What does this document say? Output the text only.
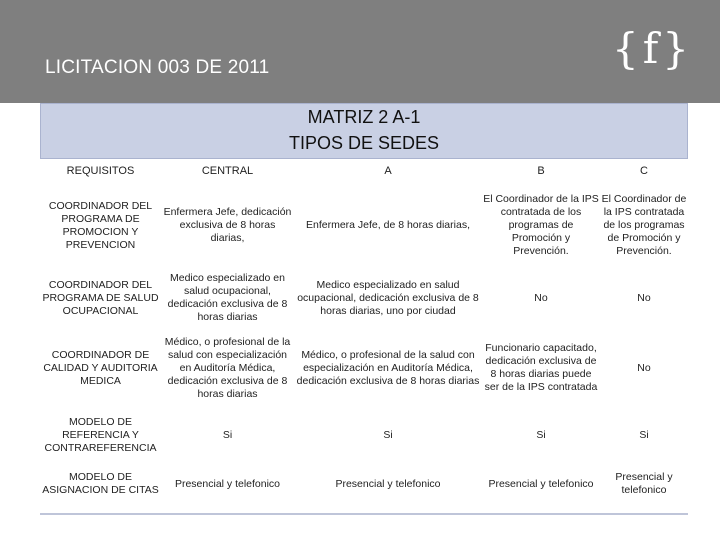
LICITACION 003 DE 2011	{f}
MATRIZ 2 A-1
TIPOS DE SEDES
REQUISITOS	CENTRAL	A	B	C
COORDINADOR DEL PROGRAMA DE PROMOCION Y PREVENCION	Enfermera Jefe, dedicación exclusiva de 8 horas diarias,	Enfermera Jefe, de 8 horas diarias,	El Coordinador de la IPS contratada de los programas de Promoción y Prevención.	El Coordinador de la IPS contratada de los programas de Promoción y Prevención.
COORDINADOR DEL PROGRAMA DE SALUD OCUPACIONAL	Medico especializado en salud ocupacional, dedicación exclusiva de 8 horas diarias	Medico especializado en salud ocupacional, dedicación exclusiva de 8 horas diarias, uno por ciudad	No	No
COORDINADOR DE CALIDAD Y AUDITORIA MEDICA	Médico, o profesional de la salud con especialización en Auditoría Médica, dedicación exclusiva de 8 horas diarias	Médico, o profesional de la salud con especialización en Auditoría Médica, dedicación exclusiva de 8 horas diarias	Funcionario capacitado, dedicación exclusiva de 8 horas diarias puede ser de la IPS contratada	No
MODELO DE REFERENCIA Y CONTRAREFERENCIA	Si	Si	Si	Si
MODELO DE ASIGNACION DE CITAS	Presencial y telefonico	Presencial y telefonico	Presencial y telefonico	Presencial y telefonico
